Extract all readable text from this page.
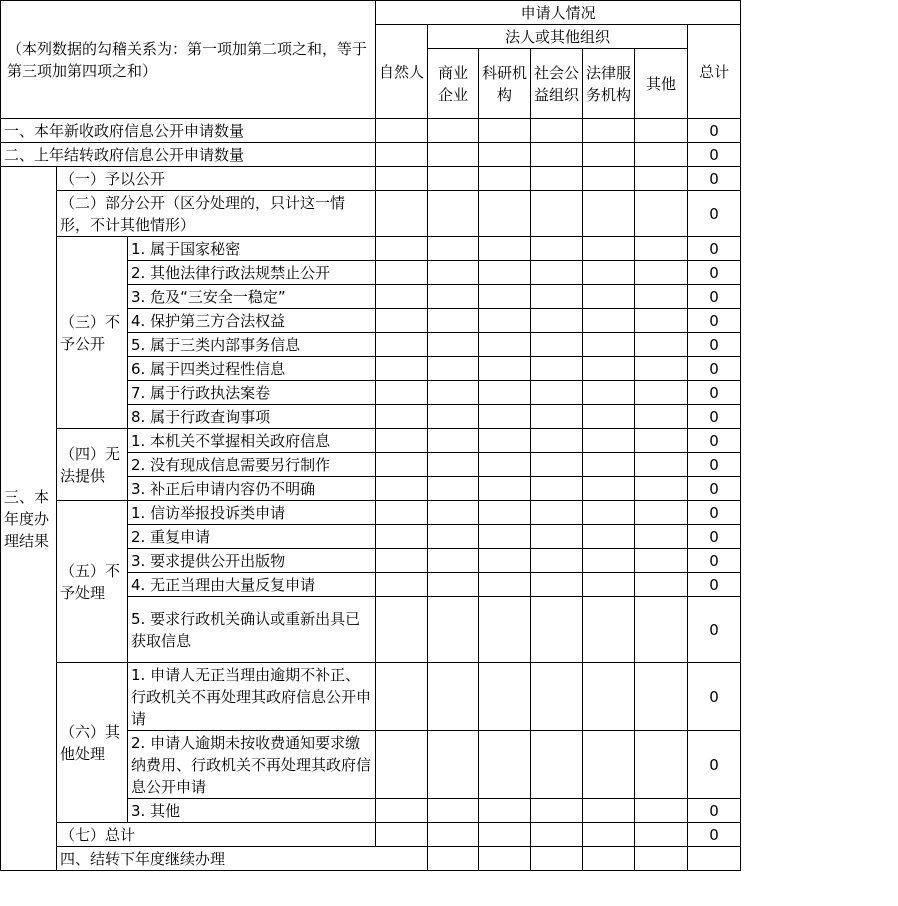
（本列数据的勾稽关系为：第一项加第二项之和，等于第三项加第四项之和）			申请人情况							
			自然人	法人或其他组织					总计	
				商业企业	科研机构	社会公益组织	法律服务机构	其他		
一、本年新收政府信息公开申请数量									0	
二、上年结转政府信息公开申请数量									0	
三、本年度办理结果	（一）予以公开								0	
	（二）部分公开（区分处理的，只计这一情形，不计其他情形）								0	
	（三）不予公开	1. 属于国家秘密							0	
		2. 其他法律行政法规禁止公开							0	
		3. 危及“三安全一稳定”							0	
		4. 保护第三方合法权益							0	
		5. 属于三类内部事务信息							0	
		6. 属于四类过程性信息							0	
		7. 属于行政执法案卷							0	
		8. 属于行政查询事项							0	
	（四）无法提供	1. 本机关不掌握相关政府信息							0	
		2. 没有现成信息需要另行制作							0	
		3. 补正后申请内容仍不明确							0	
	（五）不予处理	1. 信访举报投诉类申请							0	
		2. 重复申请							0	
		3. 要求提供公开出版物							0	
		4. 无正当理由大量反复申请							0	
		5. 要求行政机关确认或重新出具已获取信息							0	
	（六）其他处理	1. 申请人无正当理由逾期不补正、行政机关不再处理其政府信息公开申请							0	
		2. 申请人逾期未按收费通知要求缴纳费用、行政机关不再处理其政府信息公开申请							0	
		3. 其他							0	
	（七）总计								0	
	四、结转下年度继续办理							
